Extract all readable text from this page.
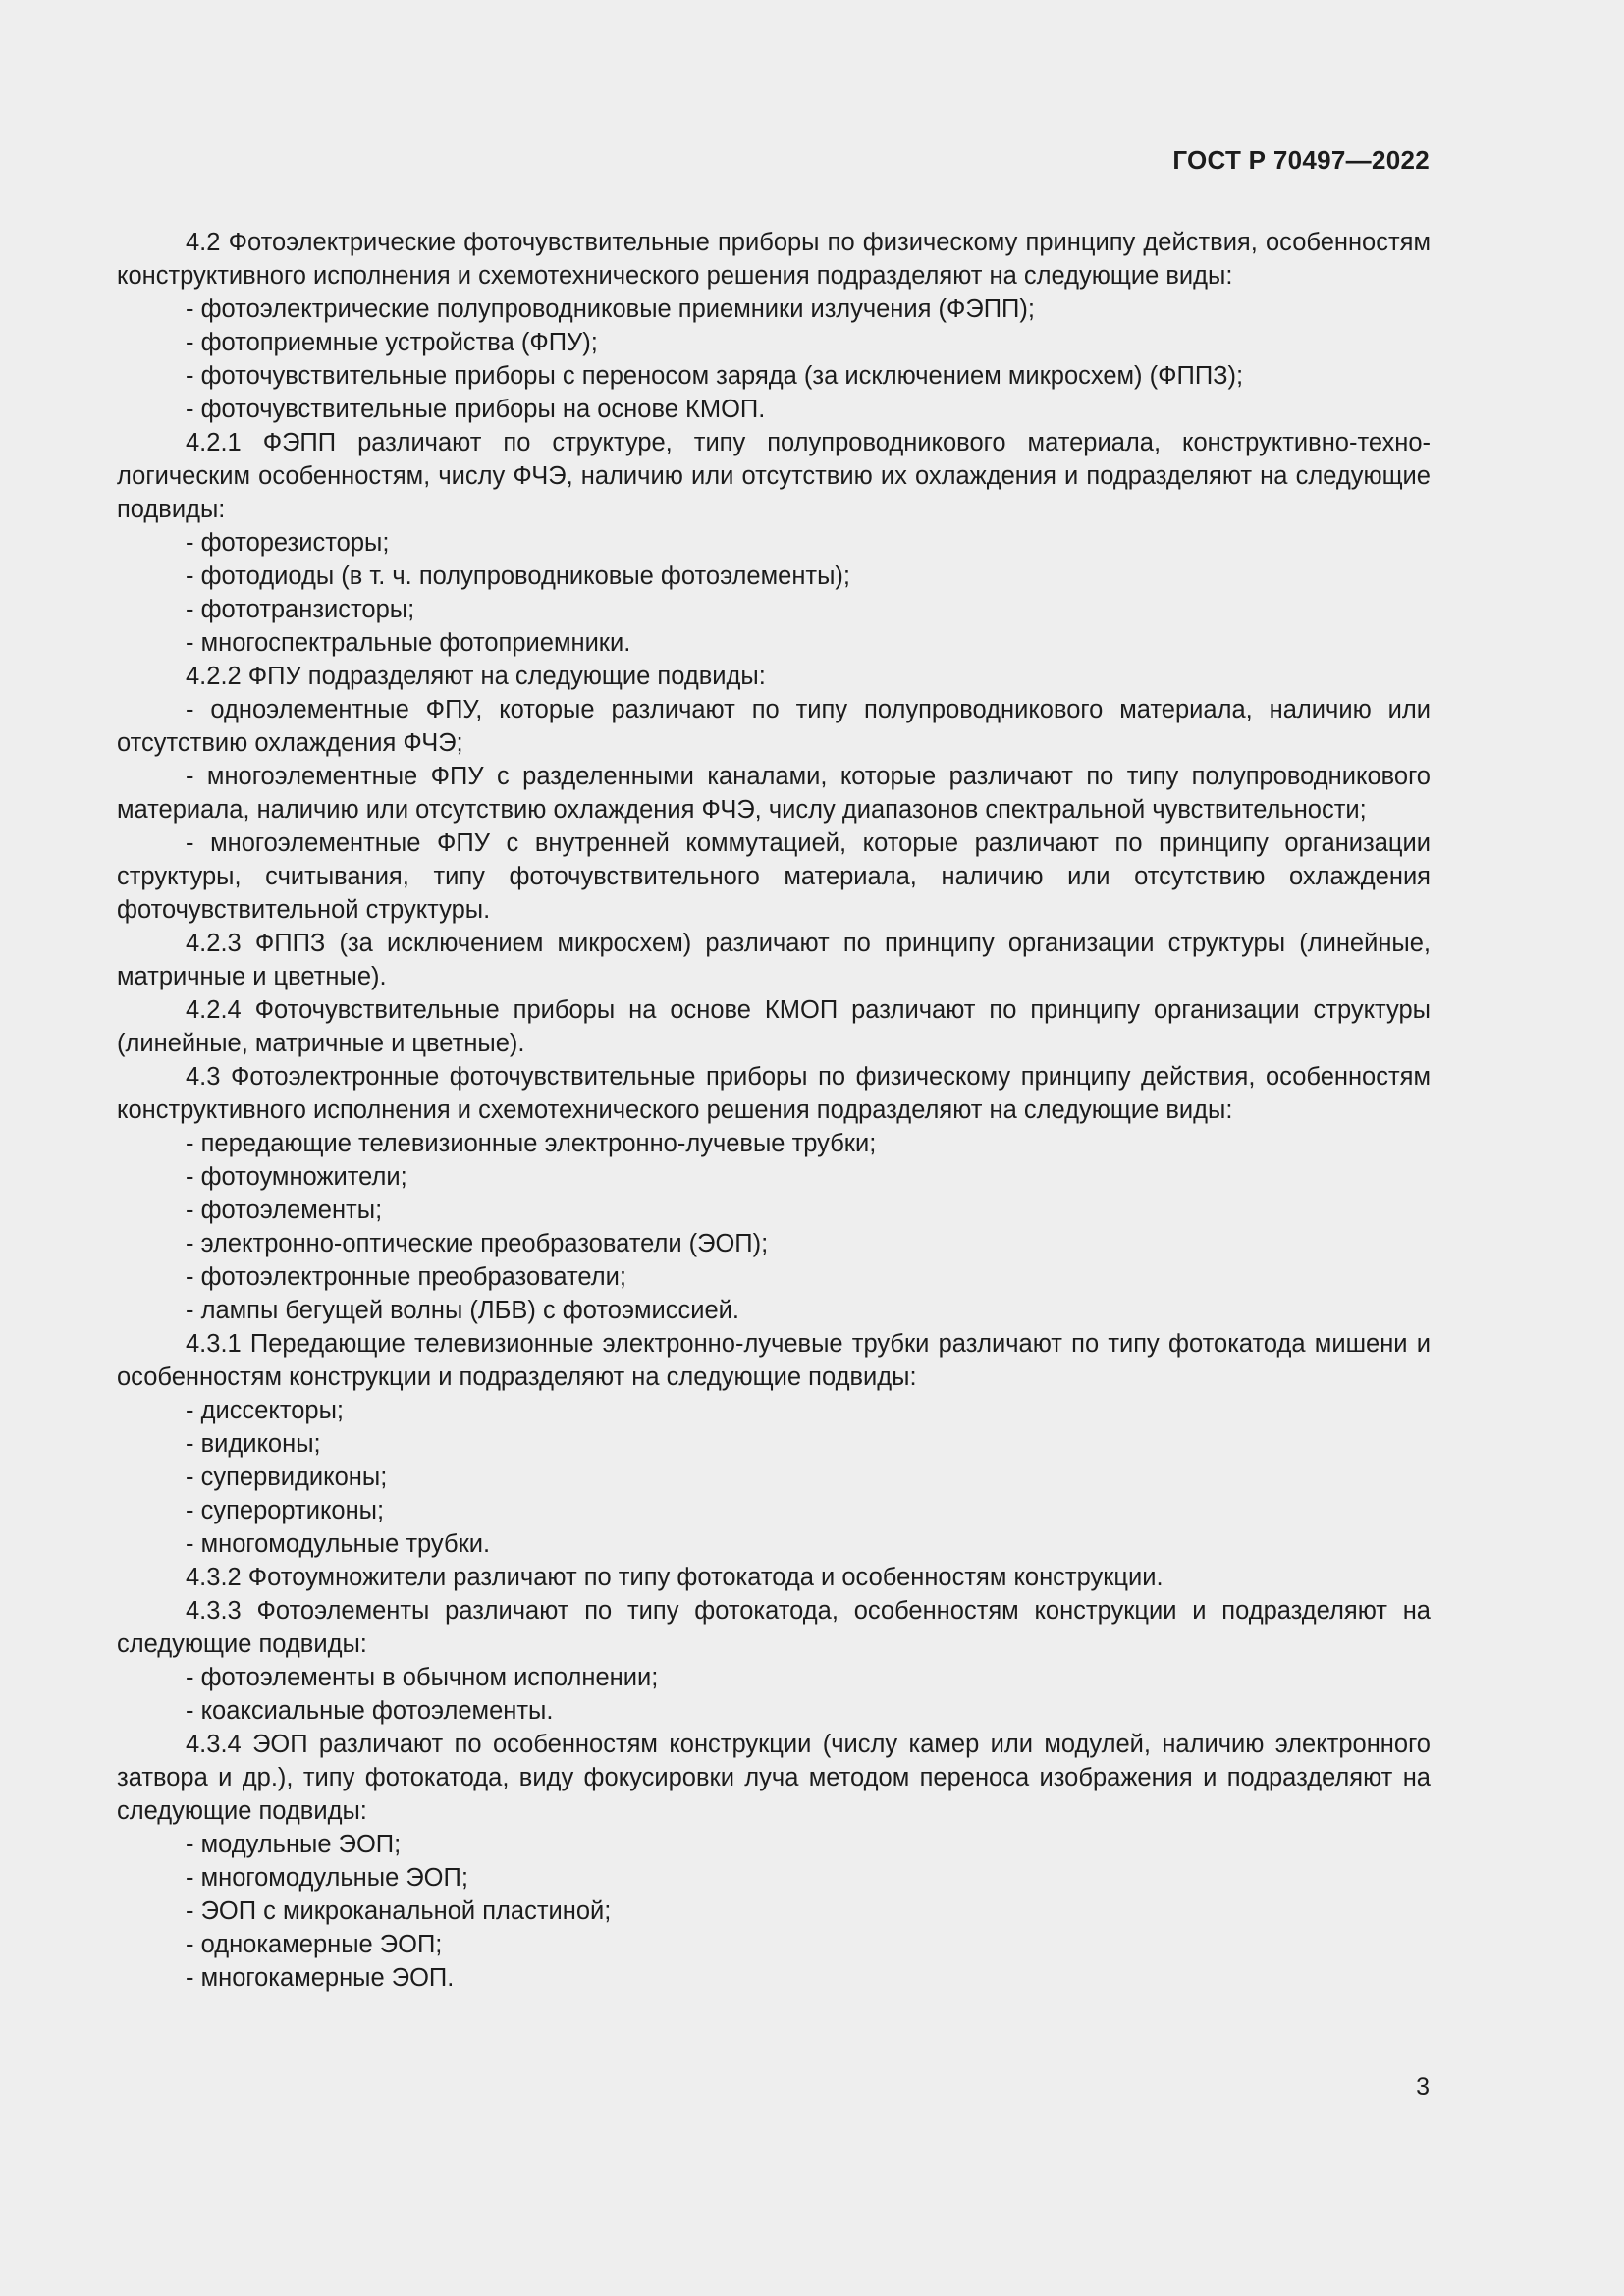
ГОСТ Р 70497—2022

4.2 Фотоэлектрические фоточувствительные приборы по физическому принципу действия, особенностям конструктивного исполнения и схемотехнического решения подразделяют на следующие виды:

- фотоэлектрические полупроводниковые приемники излучения (ФЭПП);

- фотоприемные устройства (ФПУ);

- фоточувствительные приборы с переносом заряда (за исключением микросхем) (ФППЗ);

- фоточувствительные приборы на основе КМОП.

4.2.1 ФЭПП различают по структуре, типу полупроводникового материала, конструктивно-технологическим особенностям, числу ФЧЭ, наличию или отсутствию их охлаждения и подразделяют на следующие подвиды:

- фоторезисторы;

- фотодиоды (в т. ч. полупроводниковые фотоэлементы);

- фототранзисторы;

- многоспектральные фотоприемники.

4.2.2 ФПУ подразделяют на следующие подвиды:

- одноэлементные ФПУ, которые различают по типу полупроводникового материала, наличию или отсутствию охлаждения ФЧЭ;

- многоэлементные ФПУ с разделенными каналами, которые различают по типу полупроводникового материала, наличию или отсутствию охлаждения ФЧЭ, числу диапазонов спектральной чувствительности;

- многоэлементные ФПУ с внутренней коммутацией, которые различают по принципу организации структуры, считывания, типу фоточувствительного материала, наличию или отсутствию охлаждения фоточувствительной структуры.

4.2.3 ФППЗ (за исключением микросхем) различают по принципу организации структуры (линейные, матричные и цветные).

4.2.4 Фоточувствительные приборы на основе КМОП различают по принципу организации структуры (линейные, матричные и цветные).

4.3 Фотоэлектронные фоточувствительные приборы по физическому принципу действия, особенностям конструктивного исполнения и схемотехнического решения подразделяют на следующие виды:

- передающие телевизионные электронно-лучевые трубки;

- фотоумножители;

- фотоэлементы;

- электронно-оптические преобразователи (ЭОП);

- фотоэлектронные преобразователи;

- лампы бегущей волны (ЛБВ) с фотоэмиссией.

4.3.1 Передающие телевизионные электронно-лучевые трубки различают по типу фотокатода мишени и особенностям конструкции и подразделяют на следующие подвиды:

- диссекторы;

- видиконы;

- супервидиконы;

- суперортиконы;

- многомодульные трубки.

4.3.2 Фотоумножители различают по типу фотокатода и особенностям конструкции.

4.3.3 Фотоэлементы различают по типу фотокатода, особенностям конструкции и подразделяют на следующие подвиды:

- фотоэлементы в обычном исполнении;

- коаксиальные фотоэлементы.

4.3.4 ЭОП различают по особенностям конструкции (числу камер или модулей, наличию электронного затвора и др.), типу фотокатода, виду фокусировки луча методом переноса изображения и подразделяют на следующие подвиды:

- модульные ЭОП;

- многомодульные ЭОП;

- ЭОП с микроканальной пластиной;

- однокамерные ЭОП;

- многокамерные ЭОП.

3
